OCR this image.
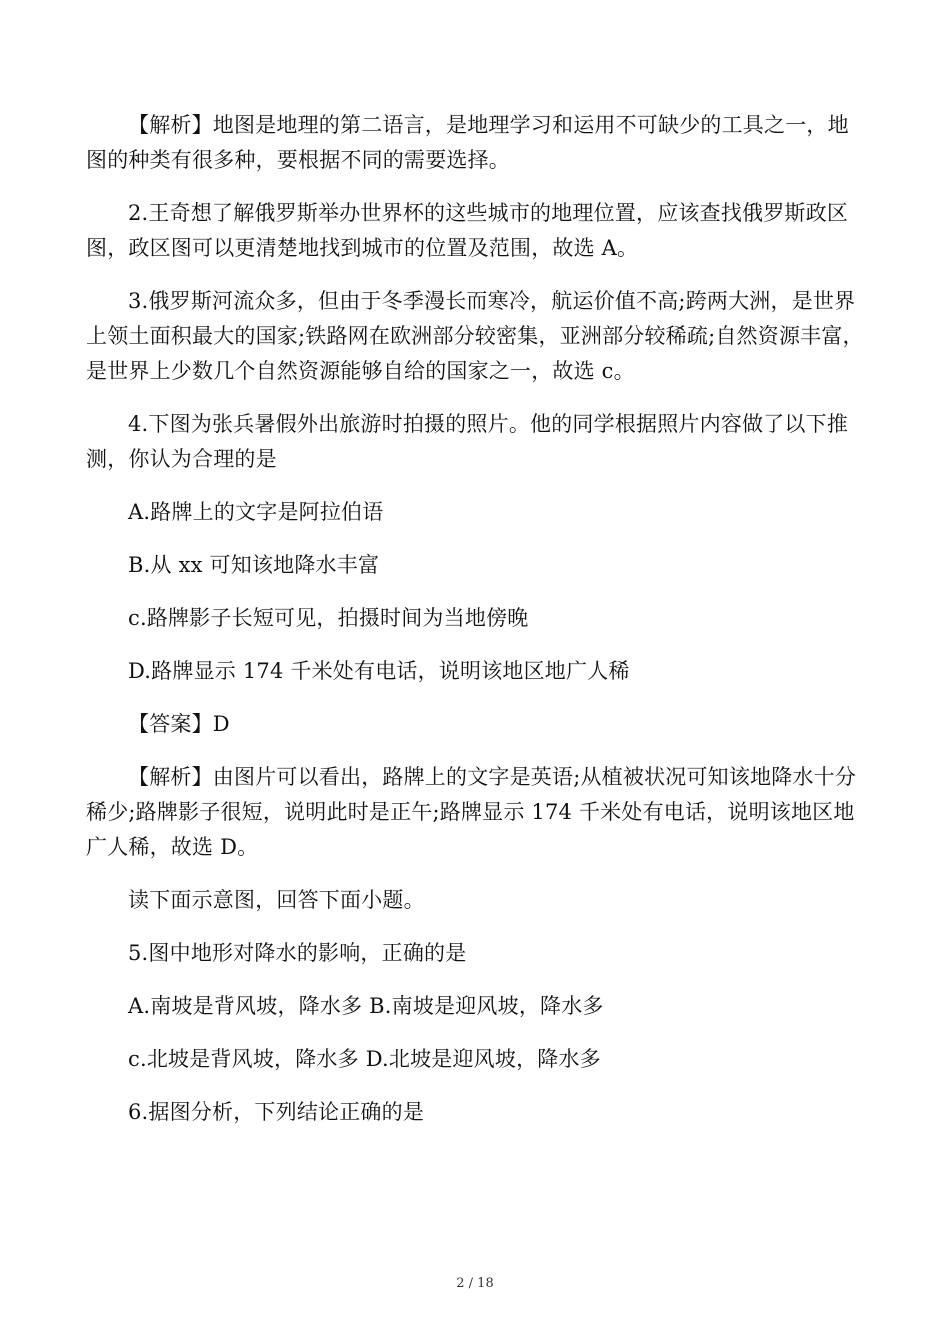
【解析】地图是地理的第二语言，是地理学习和运用不可缺少的工具之一，地图的种类有很多种，要根据不同的需要选择。

2.王奇想了解俄罗斯举办世界杯的这些城市的地理位置，应该查找俄罗斯政区图，政区图可以更清楚地找到城市的位置及范围，故选 A。

3.俄罗斯河流众多，但由于冬季漫长而寒冷，航运价值不高;跨两大洲，是世界上领土面积最大的国家;铁路网在欧洲部分较密集，亚洲部分较稀疏;自然资源丰富，是世界上少数几个自然资源能够自给的国家之一，故选 c。

4.下图为张兵暑假外出旅游时拍摄的照片。他的同学根据照片内容做了以下推测，你认为合理的是

A.路牌上的文字是阿拉伯语

B.从 xx 可知该地降水丰富

c.路牌影子长短可见，拍摄时间为当地傍晚

D.路牌显示 174 千米处有电话，说明该地区地广人稀

【答案】D

【解析】由图片可以看出，路牌上的文字是英语;从植被状况可知该地降水十分稀少;路牌影子很短，说明此时是正午;路牌显示 174 千米处有电话，说明该地区地广人稀，故选 D。

读下面示意图，回答下面小题。

5.图中地形对降水的影响，正确的是

A.南坡是背风坡，降水多 B.南坡是迎风坡，降水多

c.北坡是背风坡，降水多 D.北坡是迎风坡，降水多

6.据图分析，下列结论正确的是

2 / 18
